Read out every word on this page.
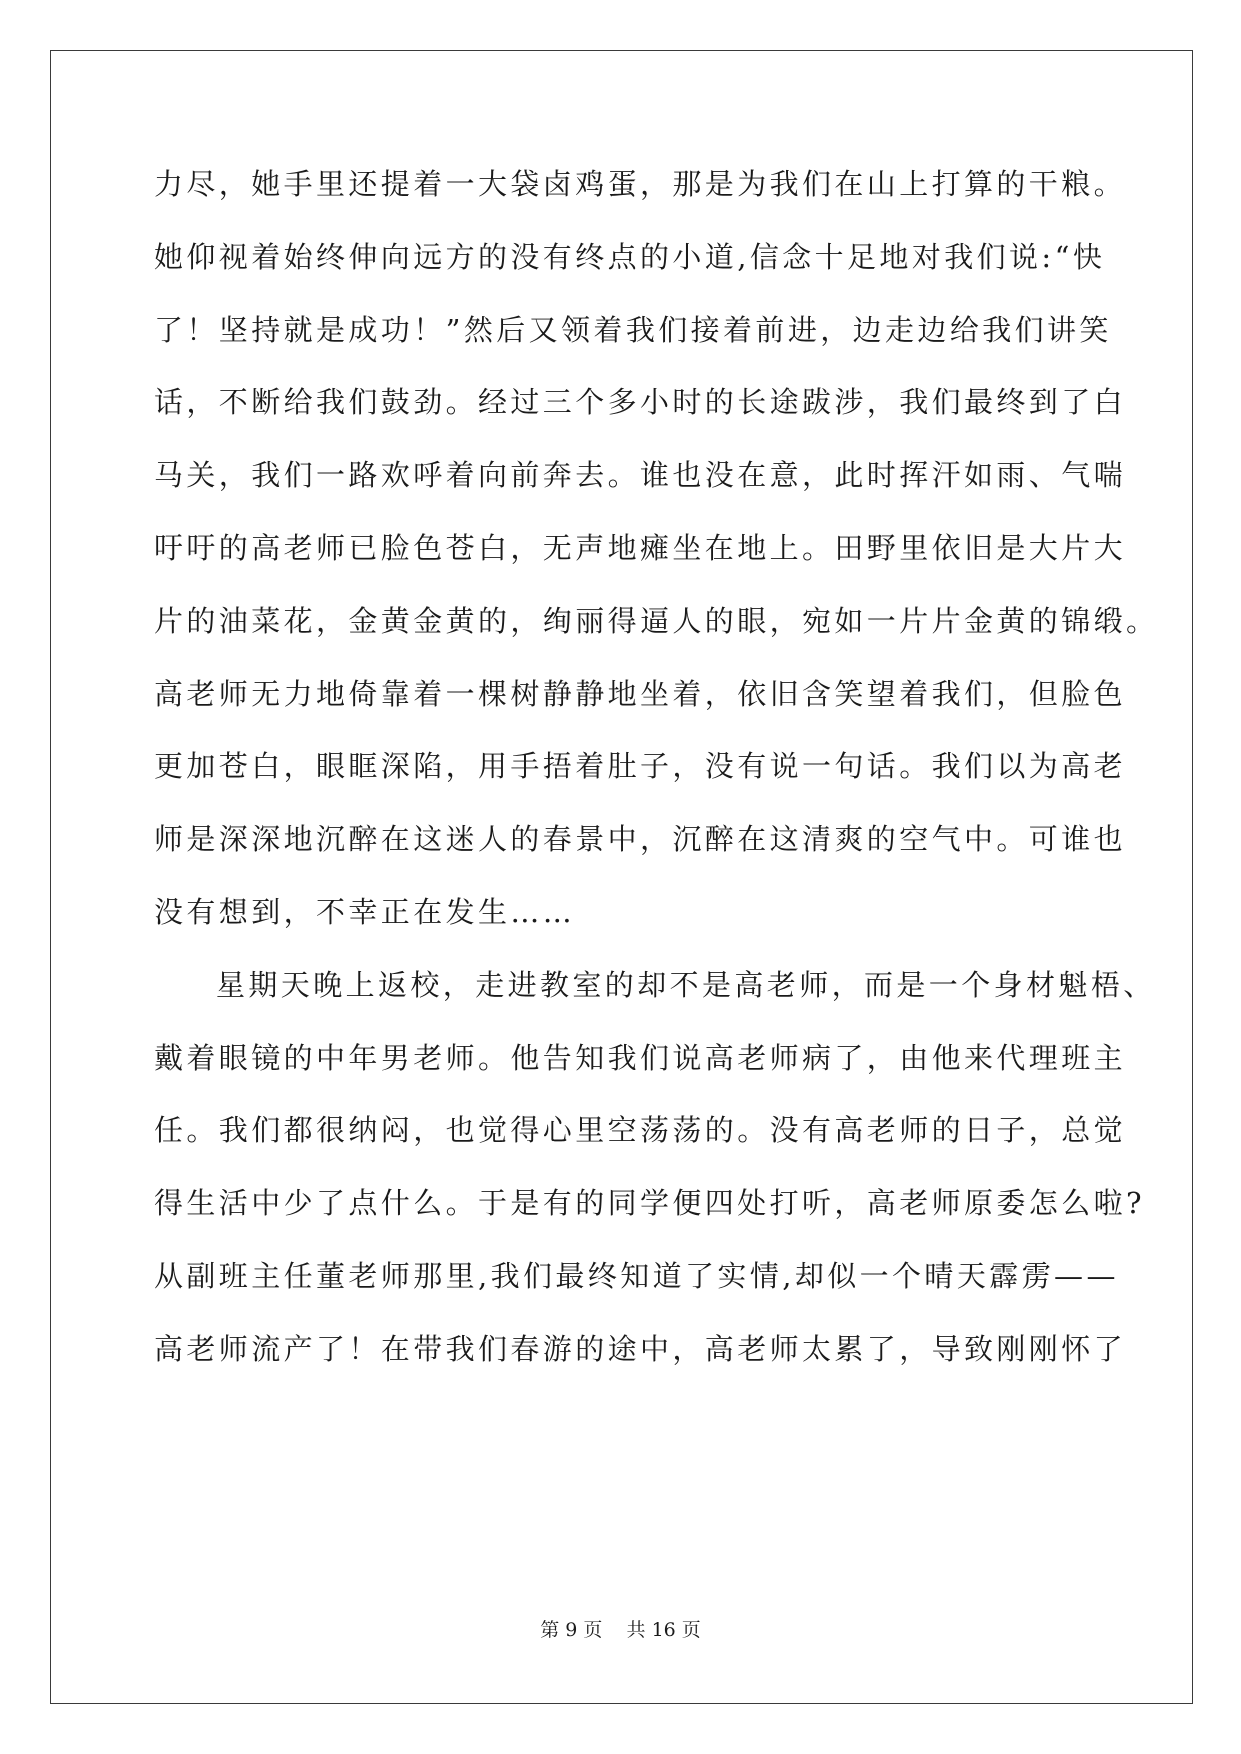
力尽，她手里还提着一大袋卤鸡蛋，那是为我们在山上打算的干粮。
她仰视着始终伸向远方的没有终点的小道,信念十足地对我们说:“快
了！坚持就是成功！”然后又领着我们接着前进，边走边给我们讲笑
话，不断给我们鼓劲。经过三个多小时的长途跋涉，我们最终到了白
马关，我们一路欢呼着向前奔去。谁也没在意，此时挥汗如雨、气喘
吁吁的高老师已脸色苍白，无声地瘫坐在地上。田野里依旧是大片大
片的油菜花，金黄金黄的，绚丽得逼人的眼，宛如一片片金黄的锦缎。
高老师无力地倚靠着一棵树静静地坐着，依旧含笑望着我们，但脸色
更加苍白，眼眶深陷，用手捂着肚子，没有说一句话。我们以为高老
师是深深地沉醉在这迷人的春景中，沉醉在这清爽的空气中。可谁也
没有想到，不幸正在发生……
星期天晚上返校，走进教室的却不是高老师，而是一个身材魁梧、
戴着眼镜的中年男老师。他告知我们说高老师病了，由他来代理班主
任。我们都很纳闷，也觉得心里空荡荡的。没有高老师的日子，总觉
得生活中少了点什么。于是有的同学便四处打听，高老师原委怎么啦?
从副班主任董老师那里,我们最终知道了实情,却似一个晴天霹雳——
高老师流产了！在带我们春游的途中，高老师太累了，导致刚刚怀了
第 9 页 共 16 页
